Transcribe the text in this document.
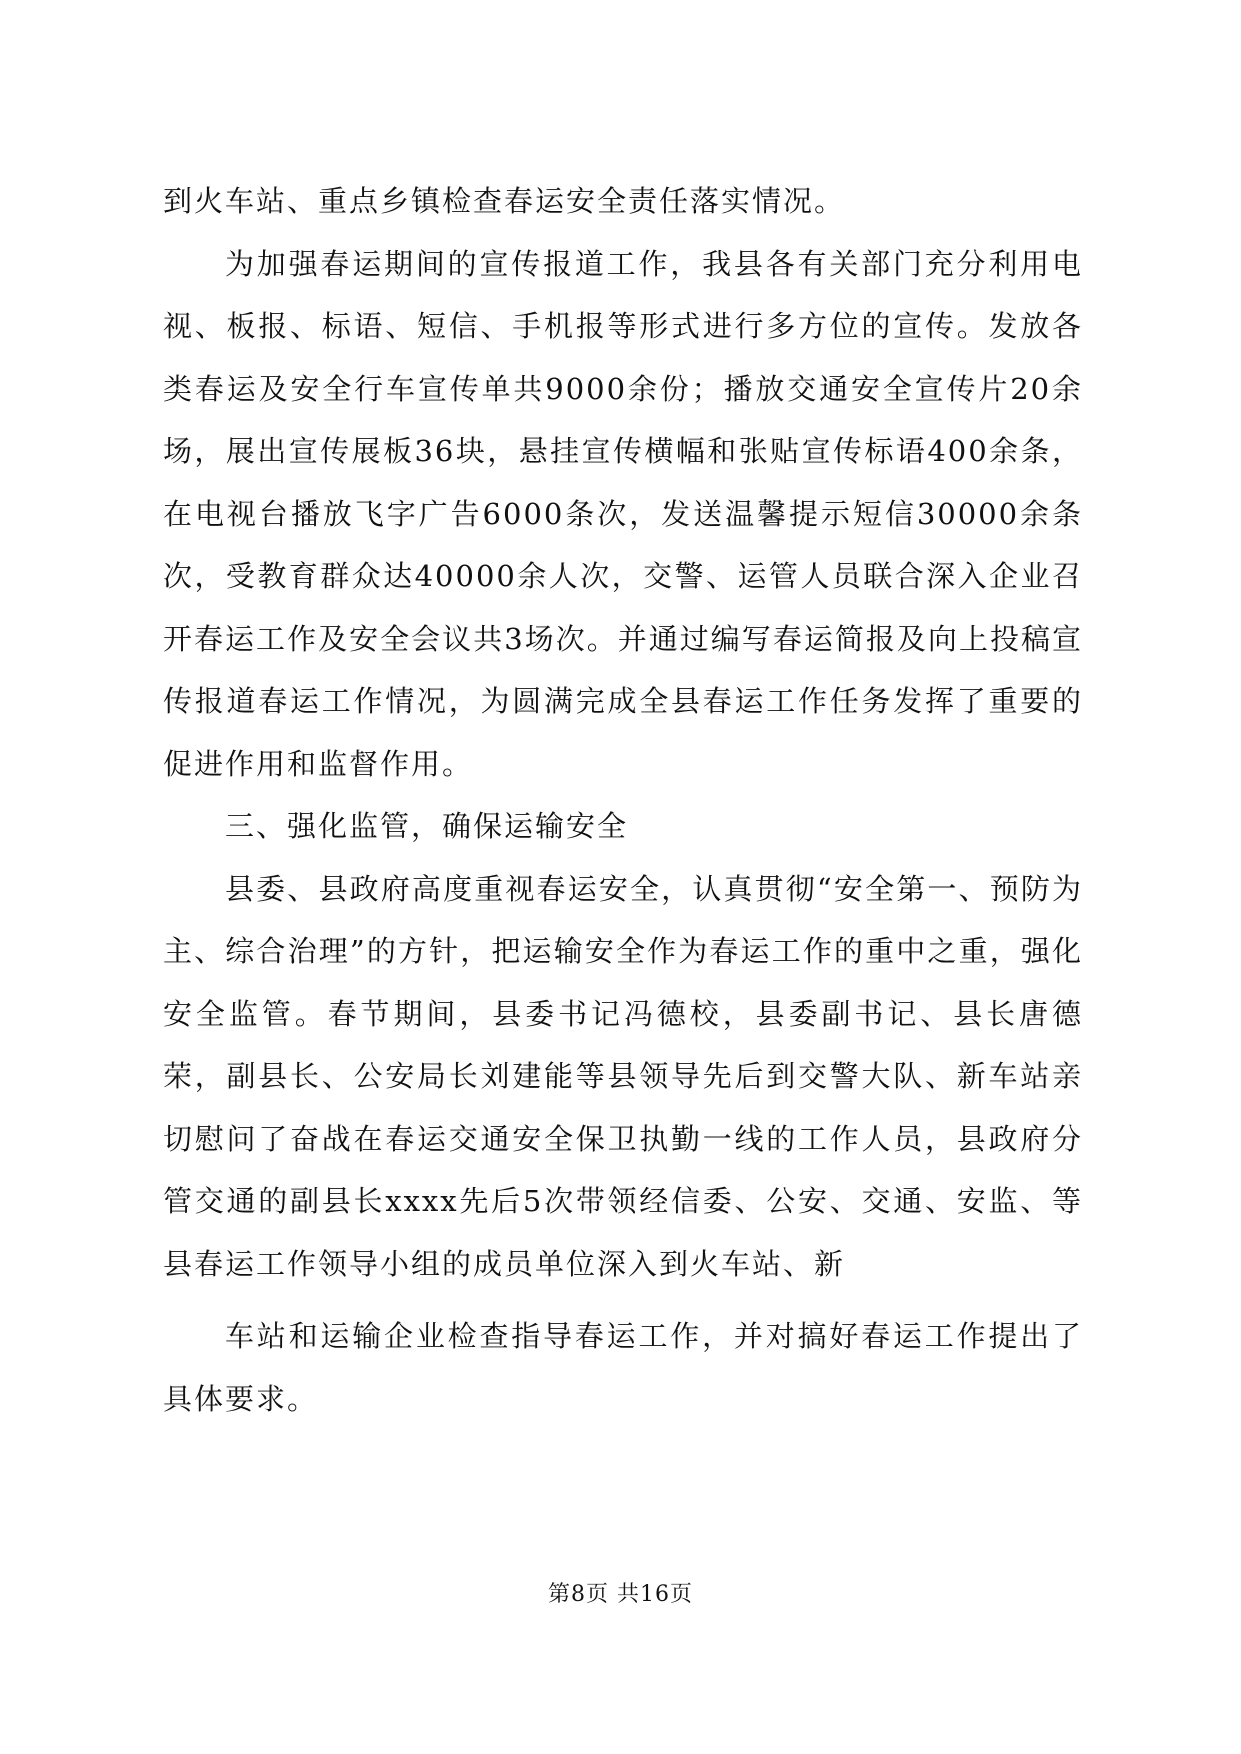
到火车站、重点乡镇检查春运安全责任落实情况。

为加强春运期间的宣传报道工作，我县各有关部门充分利用电视、板报、标语、短信、手机报等形式进行多方位的宣传。发放各类春运及安全行车宣传单共9000余份；播放交通安全宣传片20余场，展出宣传展板36块，悬挂宣传横幅和张贴宣传标语400余条，在电视台播放飞字广告6000条次，发送温馨提示短信30000余条次，受教育群众达40000余人次，交警、运管人员联合深入企业召开春运工作及安全会议共3场次。并通过编写春运简报及向上投稿宣传报道春运工作情况，为圆满完成全县春运工作任务发挥了重要的促进作用和监督作用。

三、强化监管，确保运输安全

县委、县政府高度重视春运安全，认真贯彻“安全第一、预防为主、综合治理”的方针，把运输安全作为春运工作的重中之重，强化安全监管。春节期间，县委书记冯德校，县委副书记、县长唐德荣，副县长、公安局长刘建能等县领导先后到交警大队、新车站亲切慰问了奋战在春运交通安全保卫执勤一线的工作人员，县政府分管交通的副县长xxxx先后5次带领经信委、公安、交通、安监、等县春运工作领导小组的成员单位深入到火车站、新

车站和运输企业检查指导春运工作，并对搞好春运工作提出了具体要求。

第8页 共16页
